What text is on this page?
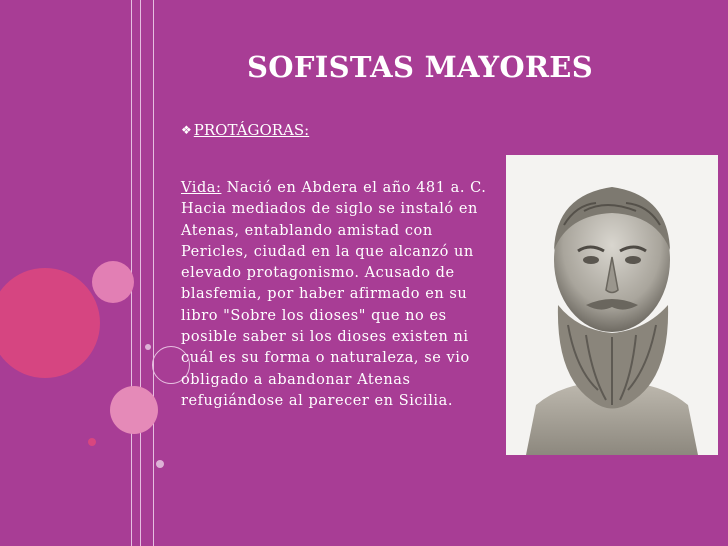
SOFISTAS MAYORES
❖ PROTÁGORAS:
Vida: Nació en Abdera el año 481 a. C. Hacia mediados de siglo se instaló en Atenas, entablando amistad con Pericles, ciudad en la que alcanzó un elevado protagonismo. Acusado de blasfemia, por haber afirmado en su libro "Sobre los dioses" que no es posible saber si los dioses existen ni cuál es su forma o naturaleza, se vio obligado a abandonar Atenas refugiándose al parecer en Sicilia.
